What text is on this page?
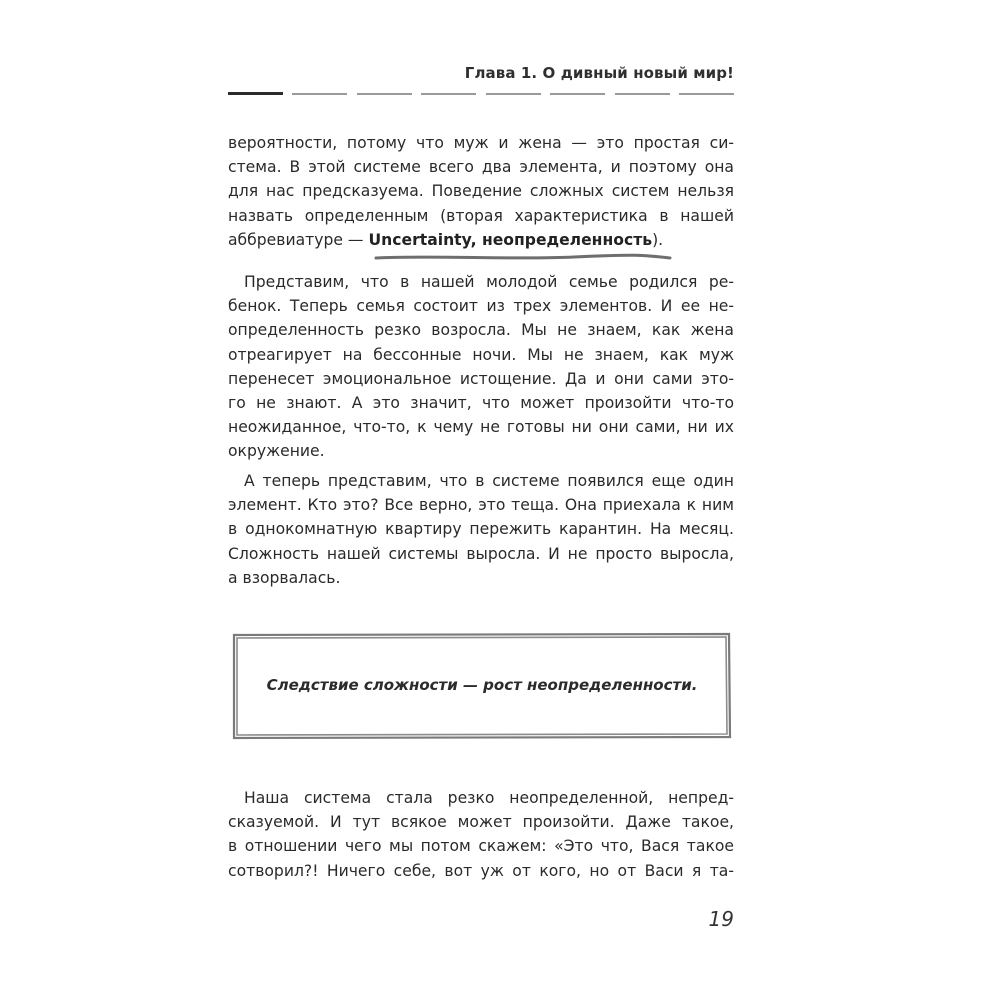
Глава 1. О дивный новый мир!
вероятности, потому что муж и жена — это простая си-
стема. В этой системе всего два элемента, и поэтому она
для нас предсказуема. Поведение сложных систем нельзя
назвать определенным (вторая характеристика в нашей
аббревиатуре — Uncertainty, неопределенность).
Представим, что в нашей молодой семье родился ре-
бенок. Теперь семья состоит из трех элементов. И ее не-
определенность резко возросла. Мы не знаем, как жена
отреагирует на бессонные ночи. Мы не знаем, как муж
перенесет эмоциональное истощение. Да и они сами это-
го не знают. А это значит, что может произойти что-то
неожиданное, что-то, к чему не готовы ни они сами, ни их
окружение.
А теперь представим, что в системе появился еще один
элемент. Кто это? Все верно, это теща. Она приехала к ним
в однокомнатную квартиру пережить карантин. На месяц.
Сложность нашей системы выросла. И не просто выросла,
а взорвалась.
Следствие сложности — рост неопределенности.
Наша система стала резко неопределенной, непред-
сказуемой. И тут всякое может произойти. Даже такое,
в отношении чего мы потом скажем: «Это что, Вася такое
сотворил?! Ничего себе, вот уж от кого, но от Васи я та-
19
